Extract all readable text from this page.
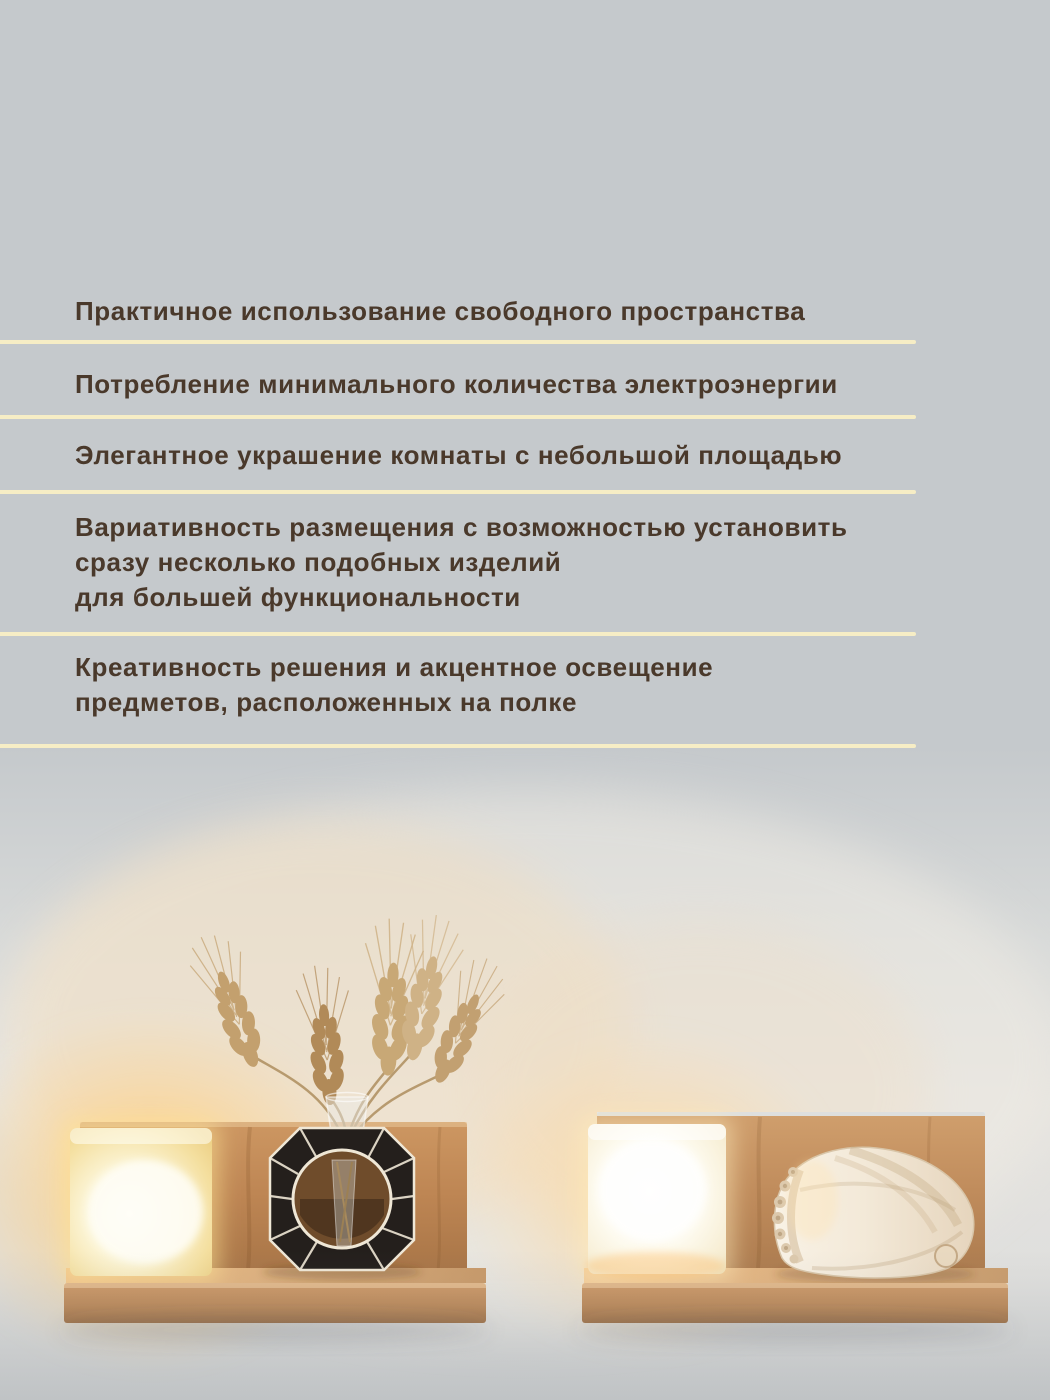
Практичное использование свободного пространства

Потребление минимального количества электроэнергии

Элегантное украшение комнаты с небольшой площадью

Вариативность размещения с возможностью установить

сразу несколько подобных изделий

для большей функциональности

Креативность решения и акцентное освещение

предметов, расположенных на полке
